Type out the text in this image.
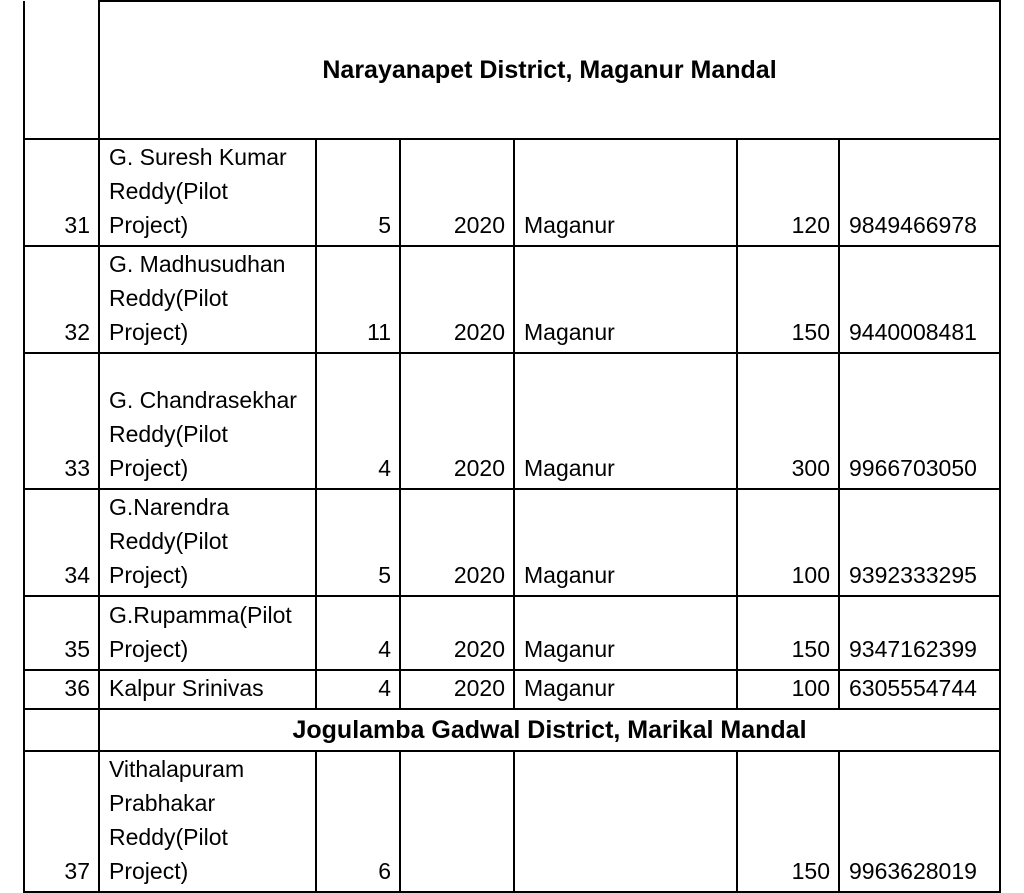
	Narayanapet District, Maganur Mandal					
31	G. Suresh Kumar Reddy(Pilot Project)	5	2020	Maganur	120	9849466978
32	G. Madhusudhan Reddy(Pilot Project)	11	2020	Maganur	150	9440008481
33	G. Chandrasekhar Reddy(Pilot Project)	4	2020	Maganur	300	9966703050
34	G.Narendra Reddy(Pilot Project)	5	2020	Maganur	100	9392333295
35	G.Rupamma(Pilot Project)	4	2020	Maganur	150	9347162399
36	Kalpur Srinivas	4	2020	Maganur	100	6305554744
	Jogulamba Gadwal District, Marikal Mandal					
37	Vithalapuram Prabhakar Reddy(Pilot Project)	6			150	9963628019
